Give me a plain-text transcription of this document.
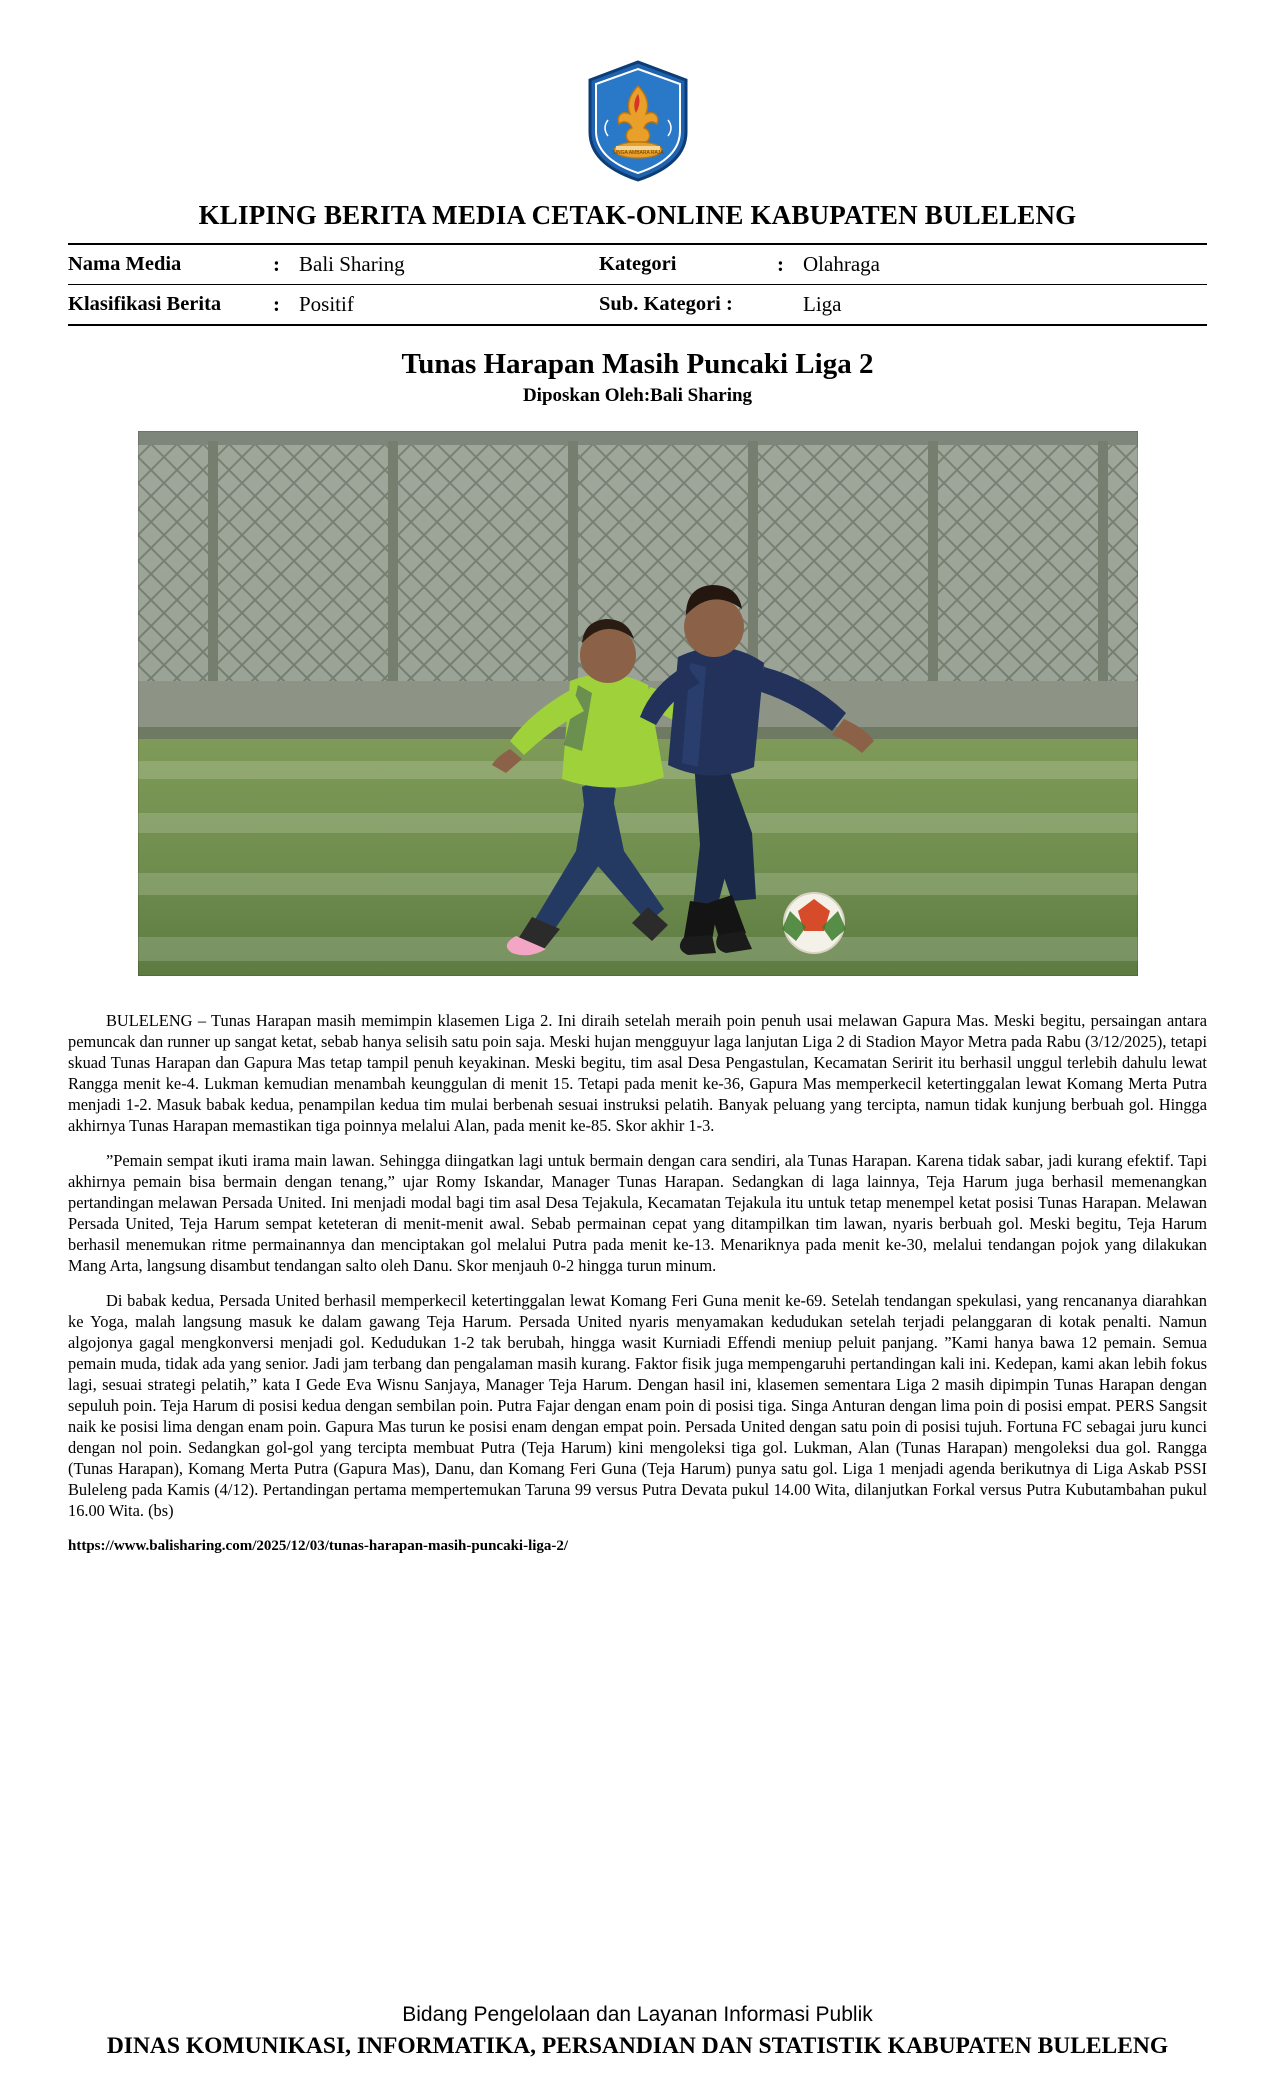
SINGA AMBARA RAJA
KLIPING BERITA MEDIA CETAK-ONLINE KABUPATEN BULELENG
Nama Media	:	Bali Sharing	Kategori	:	Olahraga
Klasifikasi Berita	:	Positif	Sub. Kategori :		Liga
Tunas Harapan Masih Puncaki Liga 2
Diposkan Oleh:Bali Sharing

BULELENG – Tunas Harapan masih memimpin klasemen Liga 2. Ini diraih setelah meraih poin penuh usai melawan Gapura Mas. Meski begitu, persaingan antara pemuncak dan runner up sangat ketat, sebab hanya selisih satu poin saja. Meski hujan mengguyur laga lanjutan Liga 2 di Stadion Mayor Metra pada Rabu (3/12/2025), tetapi skuad Tunas Harapan dan Gapura Mas tetap tampil penuh keyakinan. Meski begitu, tim asal Desa Pengastulan, Kecamatan Seririt itu berhasil unggul terlebih dahulu lewat Rangga menit ke-4. Lukman kemudian menambah keunggulan di menit 15. Tetapi pada menit ke-36, Gapura Mas memperkecil ketertinggalan lewat Komang Merta Putra menjadi 1-2. Masuk babak kedua, penampilan kedua tim mulai berbenah sesuai instruksi pelatih. Banyak peluang yang tercipta, namun tidak kunjung berbuah gol. Hingga akhirnya Tunas Harapan memastikan tiga poinnya melalui Alan, pada menit ke-85. Skor akhir 1-3.

”Pemain sempat ikuti irama main lawan. Sehingga diingatkan lagi untuk bermain dengan cara sendiri, ala Tunas Harapan. Karena tidak sabar, jadi kurang efektif. Tapi akhirnya pemain bisa bermain dengan tenang,” ujar Romy Iskandar, Manager Tunas Harapan. Sedangkan di laga lainnya, Teja Harum juga berhasil memenangkan pertandingan melawan Persada United. Ini menjadi modal bagi tim asal Desa Tejakula, Kecamatan Tejakula itu untuk tetap menempel ketat posisi Tunas Harapan. Melawan Persada United, Teja Harum sempat keteteran di menit-menit awal. Sebab permainan cepat yang ditampilkan tim lawan, nyaris berbuah gol. Meski begitu, Teja Harum berhasil menemukan ritme permainannya dan menciptakan gol melalui Putra pada menit ke-13. Menariknya pada menit ke-30, melalui tendangan pojok yang dilakukan Mang Arta, langsung disambut tendangan salto oleh Danu. Skor menjauh 0-2 hingga turun minum.

Di babak kedua, Persada United berhasil memperkecil ketertinggalan lewat Komang Feri Guna menit ke-69. Setelah tendangan spekulasi, yang rencananya diarahkan ke Yoga, malah langsung masuk ke dalam gawang Teja Harum. Persada United nyaris menyamakan kedudukan setelah terjadi pelanggaran di kotak penalti. Namun algojonya gagal mengkonversi menjadi gol. Kedudukan 1-2 tak berubah, hingga wasit Kurniadi Effendi meniup peluit panjang. ”Kami hanya bawa 12 pemain. Semua pemain muda, tidak ada yang senior. Jadi jam terbang dan pengalaman masih kurang. Faktor fisik juga mempengaruhi pertandingan kali ini. Kedepan, kami akan lebih fokus lagi, sesuai strategi pelatih,” kata I Gede Eva Wisnu Sanjaya, Manager Teja Harum. Dengan hasil ini, klasemen sementara Liga 2 masih dipimpin Tunas Harapan dengan sepuluh poin. Teja Harum di posisi kedua dengan sembilan poin. Putra Fajar dengan enam poin di posisi tiga. Singa Anturan dengan lima poin di posisi empat. PERS Sangsit naik ke posisi lima dengan enam poin. Gapura Mas turun ke posisi enam dengan empat poin. Persada United dengan satu poin di posisi tujuh. Fortuna FC sebagai juru kunci dengan nol poin. Sedangkan gol-gol yang tercipta membuat Putra (Teja Harum) kini mengoleksi tiga gol. Lukman, Alan (Tunas Harapan) mengoleksi dua gol. Rangga (Tunas Harapan), Komang Merta Putra (Gapura Mas), Danu, dan Komang Feri Guna (Teja Harum) punya satu gol. Liga 1 menjadi agenda berikutnya di Liga Askab PSSI Buleleng pada Kamis (4/12). Pertandingan pertama mempertemukan Taruna 99 versus Putra Devata pukul 14.00 Wita, dilanjutkan Forkal versus Putra Kubutambahan pukul 16.00 Wita. (bs)

https://www.balisharing.com/2025/12/03/tunas-harapan-masih-puncaki-liga-2/
Bidang Pengelolaan dan Layanan Informasi Publik
DINAS KOMUNIKASI, INFORMATIKA, PERSANDIAN DAN STATISTIK KABUPATEN BULELENG
